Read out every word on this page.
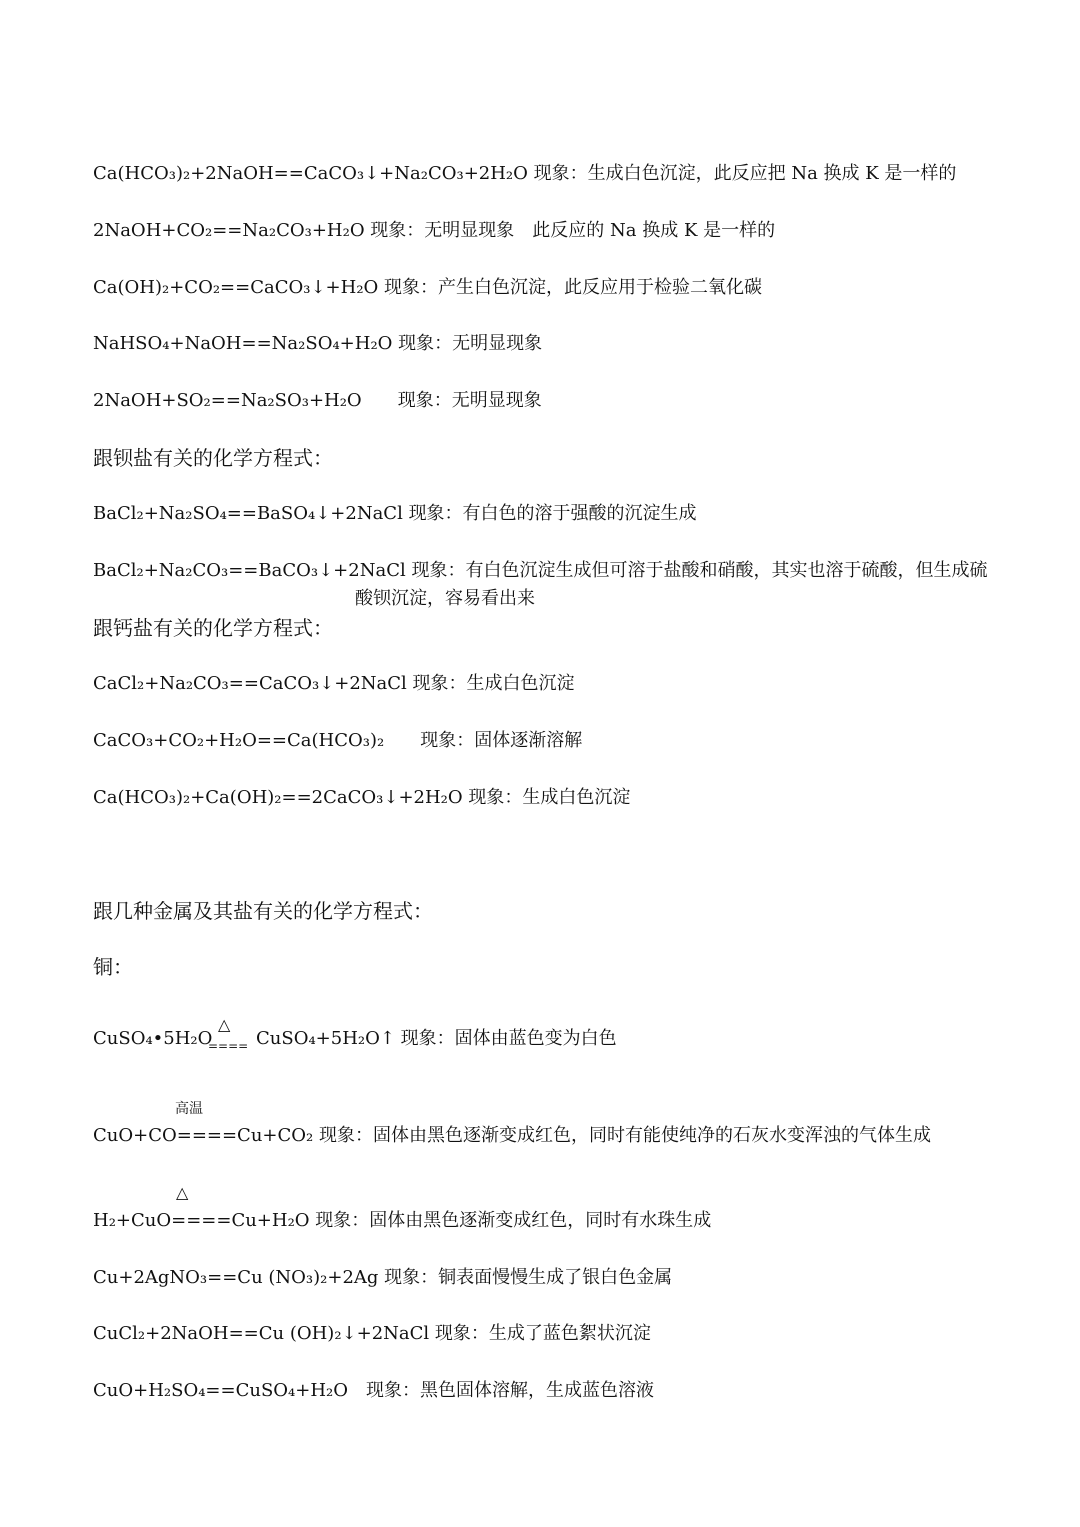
Ca(HCO₃)₂+2NaOH==CaCO₃↓+Na₂CO₃+2H₂O 现象：生成白色沉淀，此反应把 Na 换成 K 是一样的
2NaOH+CO₂==Na₂CO₃+H₂O 现象：无明显现象　此反应的 Na 换成 K 是一样的
Ca(OH)₂+CO₂==CaCO₃↓+H₂O 现象：产生白色沉淀，此反应用于检验二氧化碳
NaHSO₄+NaOH==Na₂SO₄+H₂O 现象：无明显现象
2NaOH+SO₂==Na₂SO₃+H₂O　　现象：无明显现象
跟钡盐有关的化学方程式：
BaCl₂+Na₂SO₄==BaSO₄↓+2NaCl 现象：有白色的溶于强酸的沉淀生成
BaCl₂+Na₂CO₃==BaCO₃↓+2NaCl 现象：有白色沉淀生成但可溶于盐酸和硝酸，其实也溶于硫酸，但生成硫
酸钡沉淀，容易看出来
跟钙盐有关的化学方程式：
CaCl₂+Na₂CO₃==CaCO₃↓+2NaCl 现象：生成白色沉淀
CaCO₃+CO₂+H₂O==Ca(HCO₃)₂　　现象：固体逐渐溶解
Ca(HCO₃)₂+Ca(OH)₂==2CaCO₃↓+2H₂O 现象：生成白色沉淀
跟几种金属及其盐有关的化学方程式：
铜：
CuSO₄•5H₂O
△
==== CuSO₄+5H₂O↑ 现象：固体由蓝色变为白色
高温
CuO+CO====Cu+CO₂ 现象：固体由黑色逐渐变成红色，同时有能使纯净的石灰水变浑浊的气体生成
△
H₂+CuO====Cu+H₂O 现象：固体由黑色逐渐变成红色，同时有水珠生成
Cu+2AgNO₃==Cu (NO₃)₂+2Ag 现象：铜表面慢慢生成了银白色金属
CuCl₂+2NaOH==Cu (OH)₂↓+2NaCl 现象：生成了蓝色絮状沉淀
CuO+H₂SO₄==CuSO₄+H₂O　现象：黑色固体溶解，生成蓝色溶液
